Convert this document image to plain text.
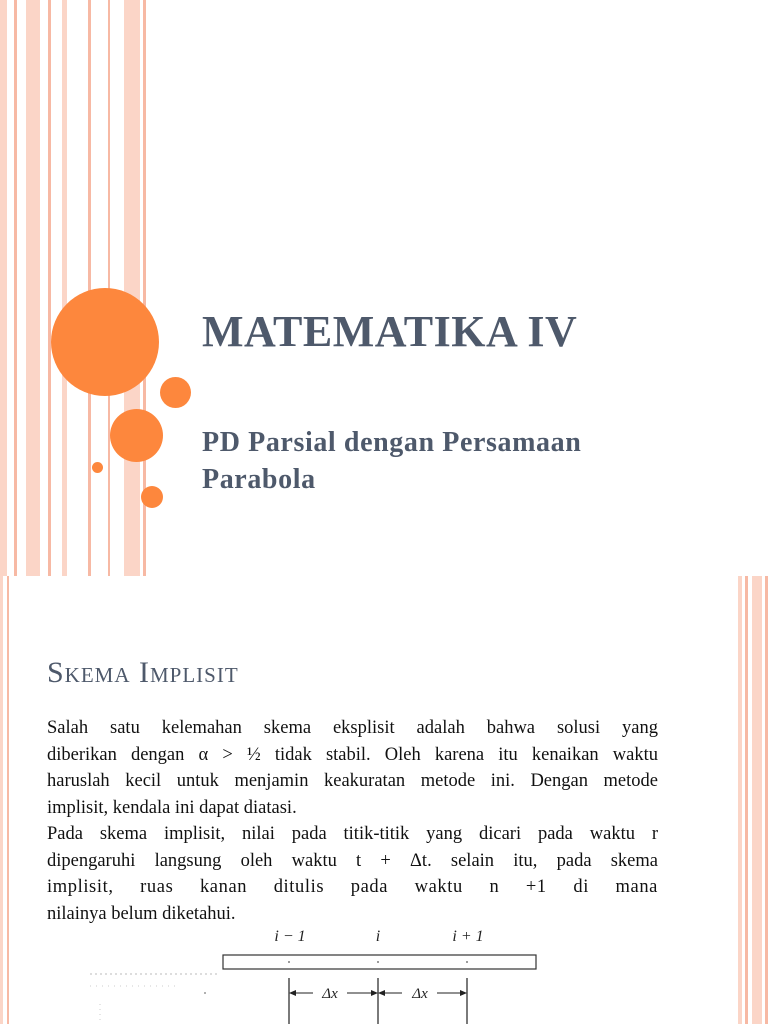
MATEMATIKA IV
PD Parsial dengan Persamaan
Parabola
Skema Implisit

Salah satu kelemahan skema eksplisit adalah bahwa solusi yang

diberikan dengan α > ½ tidak stabil. Oleh karena itu kenaikan waktu

haruslah kecil untuk menjamin keakuratan metode ini. Dengan metode

implisit, kendala ini dapat diatasi.

Pada skema implisit, nilai pada titik-titik yang dicari pada waktu r

dipengaruhi langsung oleh waktu t + Δt. selain itu, pada skema

implisit, ruas kanan ditulis pada waktu n +1 di mana

nilainya belum diketahui.

i − 1	i	i + 1
Δx	Δx
